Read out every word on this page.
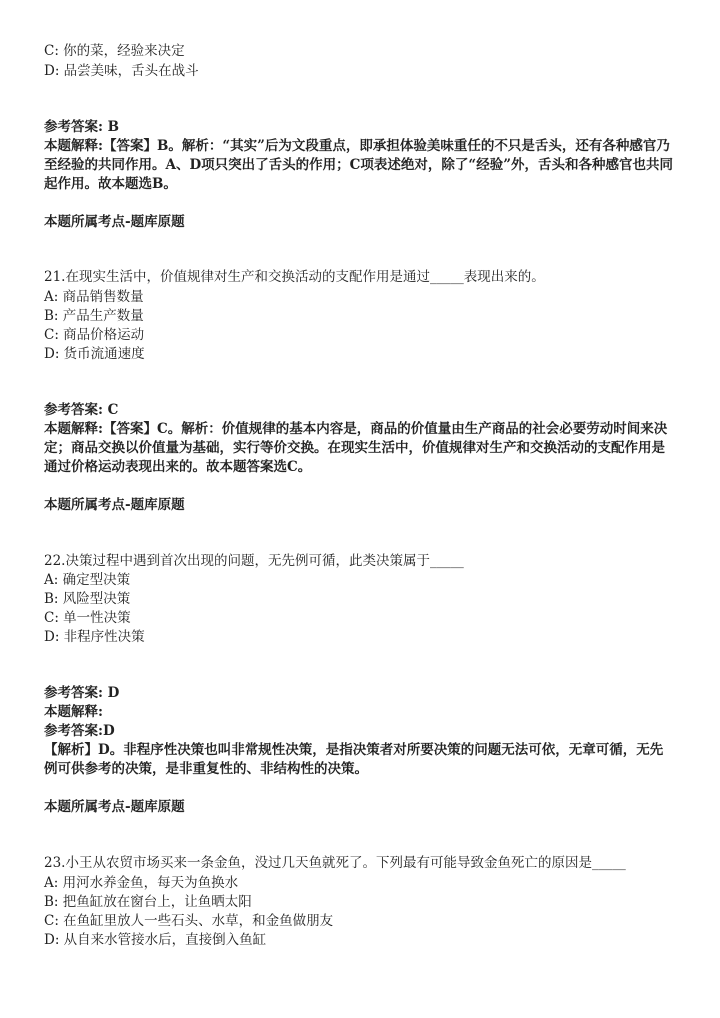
C: 你的菜，经验来决定
D: 品尝美味，舌头在战斗
参考答案: B
本题解释:【答案】B。解析：“其实”后为文段重点，即承担体验美味重任的不只是舌头，还有各种感官乃至经验的共同作用。A、D项只突出了舌头的作用；C项表述绝对，除了“经验”外，舌头和各种感官也共同起作用。故本题选B。
本题所属考点-题库原题
21.在现实生活中，价值规律对生产和交换活动的支配作用是通过_____表现出来的。
A: 商品销售数量
B: 产品生产数量
C: 商品价格运动
D: 货币流通速度
参考答案: C
本题解释:【答案】C。解析：价值规律的基本内容是，商品的价值量由生产商品的社会必要劳动时间来决定；商品交换以价值量为基础，实行等价交换。在现实生活中，价值规律对生产和交换活动的支配作用是通过价格运动表现出来的。故本题答案选C。
本题所属考点-题库原题
22.决策过程中遇到首次出现的问题，无先例可循，此类决策属于_____
A: 确定型决策
B: 风险型决策
C: 单一性决策
D: 非程序性决策
参考答案: D
本题解释:
参考答案:D
【解析】D。非程序性决策也叫非常规性决策，是指决策者对所要决策的问题无法可依，无章可循，无先例可供参考的决策，是非重复性的、非结构性的决策。
本题所属考点-题库原题
23.小王从农贸市场买来一条金鱼，没过几天鱼就死了。下列最有可能导致金鱼死亡的原因是_____
A: 用河水养金鱼，每天为鱼换水
B: 把鱼缸放在窗台上，让鱼晒太阳
C: 在鱼缸里放人一些石头、水草，和金鱼做朋友
D: 从自来水管接水后，直接倒入鱼缸
